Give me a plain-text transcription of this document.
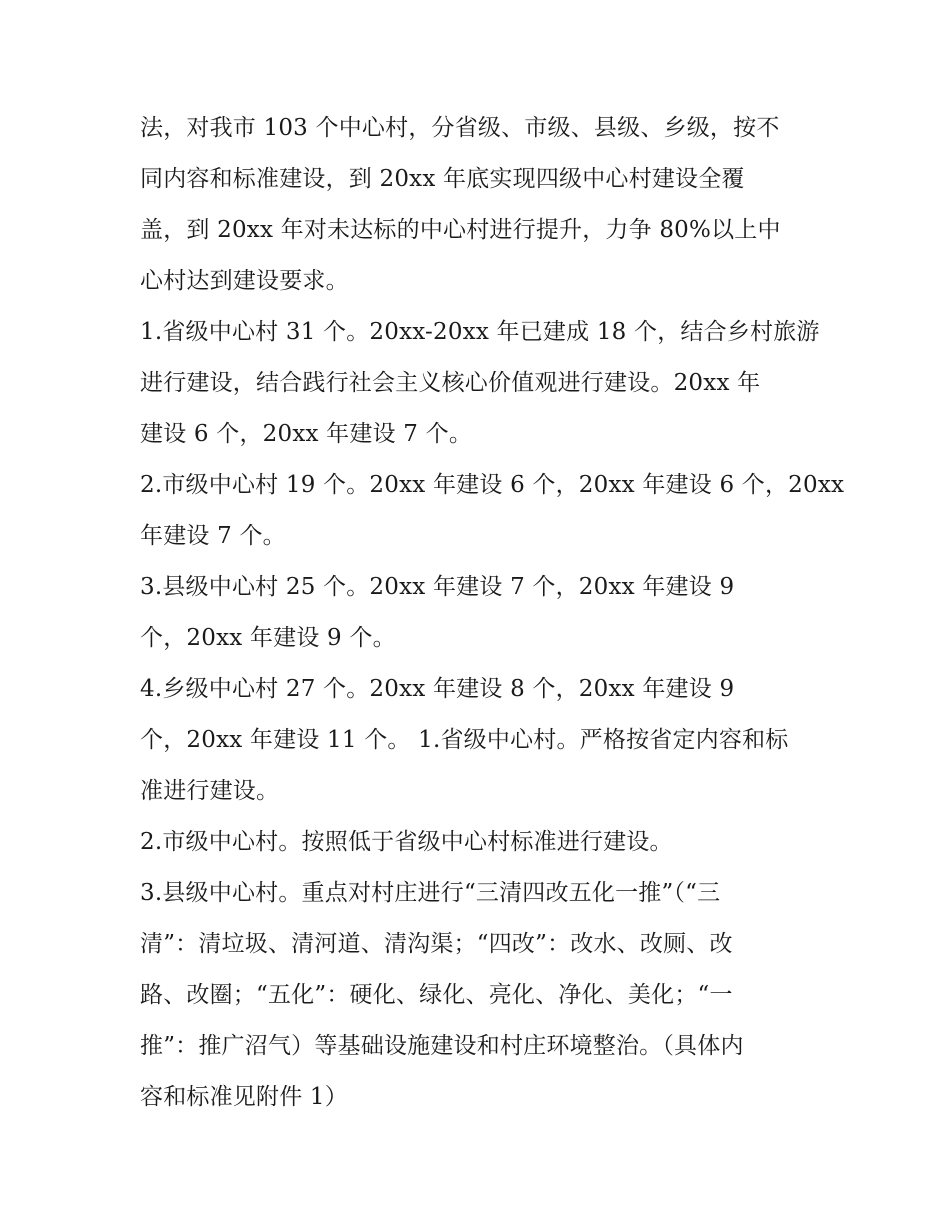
法，对我市 103 个中心村，分省级、市级、县级、乡级，按不
同内容和标准建设，到 20xx 年底实现四级中心村建设全覆
盖，到 20xx 年对未达标的中心村进行提升，力争 80%以上中
心村达到建设要求。
1.省级中心村 31 个。20xx-20xx 年已建成 18 个，结合乡村旅游
进行建设，结合践行社会主义核心价值观进行建设。20xx 年
建设 6 个，20xx 年建设 7 个。
2.市级中心村 19 个。20xx 年建设 6 个，20xx 年建设 6 个，20xx
年建设 7 个。
3.县级中心村 25 个。20xx 年建设 7 个，20xx 年建设 9
个，20xx 年建设 9 个。
4.乡级中心村 27 个。20xx 年建设 8 个，20xx 年建设 9
个，20xx 年建设 11 个。 1.省级中心村。严格按省定内容和标
准进行建设。
2.市级中心村。按照低于省级中心村标准进行建设。
3.县级中心村。重点对村庄进行“三清四改五化一推”（“三
清”：清垃圾、清河道、清沟渠；“四改”：改水、改厕、改
路、改圈；“五化”：硬化、绿化、亮化、净化、美化；“一
推”：推广沼气）等基础设施建设和村庄环境整治。（具体内
容和标准见附件 1）
